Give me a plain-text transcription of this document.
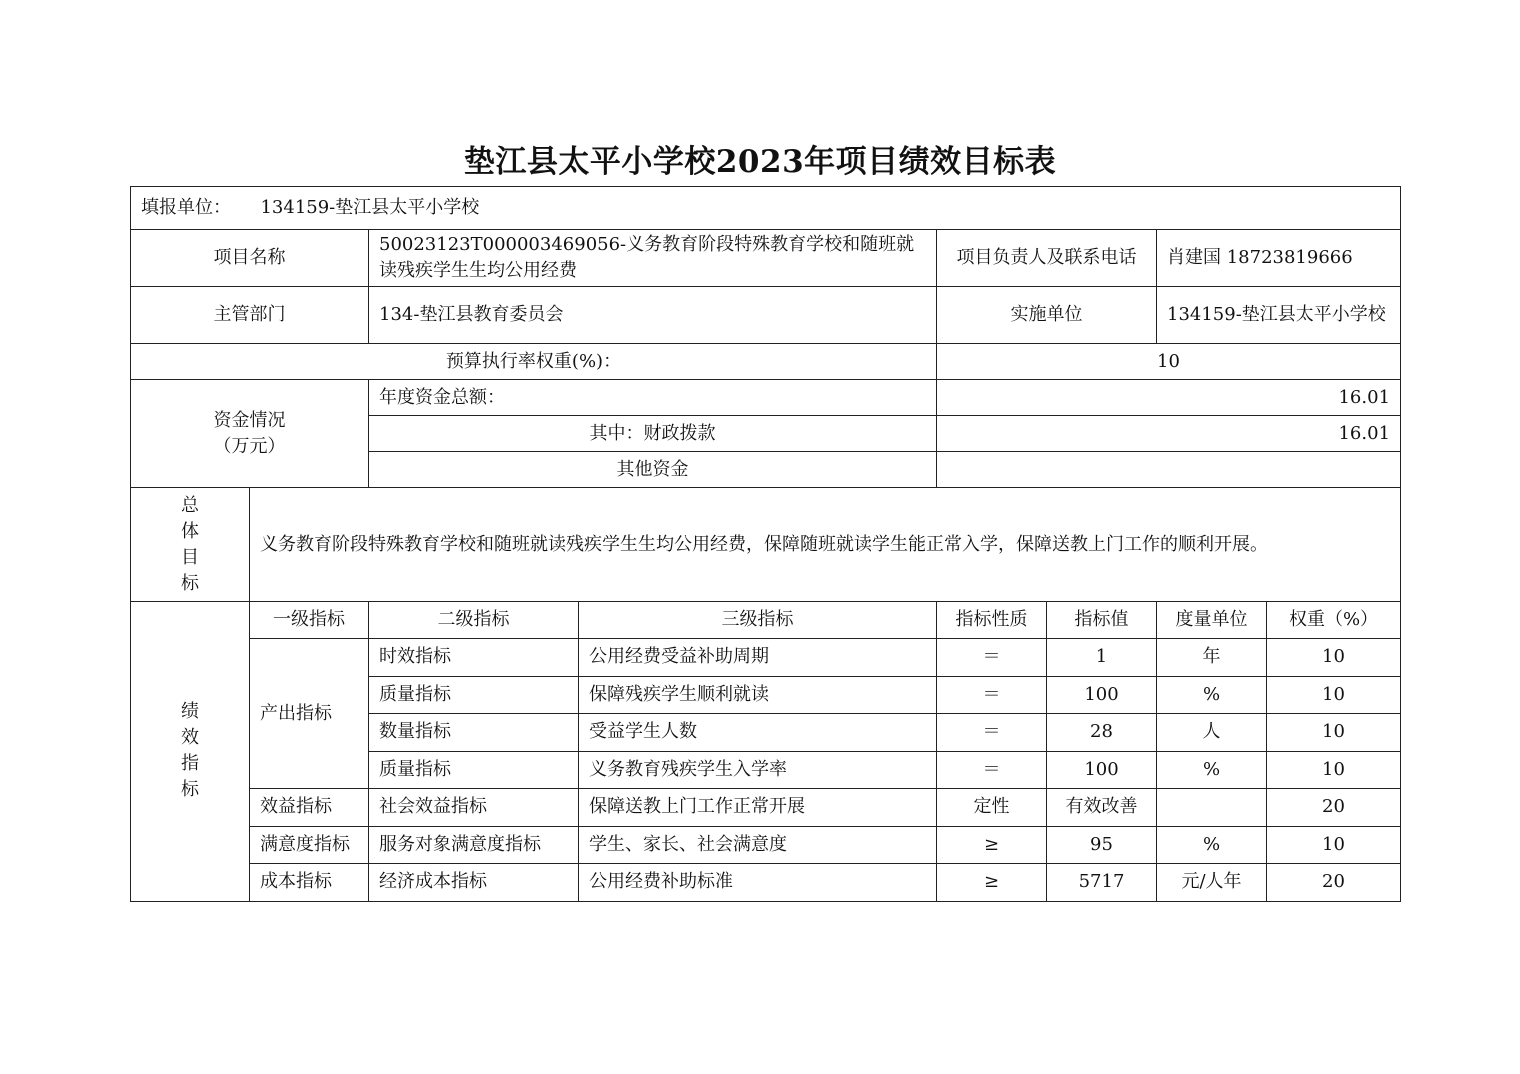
垫江县太平小学校2023年项目绩效目标表
填报单位： 134159-垫江县太平小学校							
项目名称		50023123T000003469056-义务教育阶段特殊教育学校和随班就读残疾学生生均公用经费		项目负责人及联系电话		肖建国 18723819666	
主管部门		134-垫江县教育委员会		实施单位		134159-垫江县太平小学校	
预算执行率权重(%)：				10			
资金情况
（万元）		年度资金总额：		16.01			
		其中：财政拨款		16.01			
		其他资金					

总
体
目
标	义务教育阶段特殊教育学校和随班就读残疾学生生均公用经费，保障随班就读学生能正常入学，保障送教上门工作的顺利开展。						

绩
效
指
标	一级指标	二级指标	三级指标	指标性质	指标值	度量单位	权重（%）
	产出指标	时效指标	公用经费受益补助周期	＝	1	年	10
		质量指标	保障残疾学生顺利就读	＝	100	%	10
		数量指标	受益学生人数	＝	28	人	10
		质量指标	义务教育残疾学生入学率	＝	100	%	10
	效益指标	社会效益指标	保障送教上门工作正常开展	定性	有效改善		20
	满意度指标	服务对象满意度指标	学生、家长、社会满意度	≥	95	%	10
	成本指标	经济成本指标	公用经费补助标准	≥	5717	元/人年	20
